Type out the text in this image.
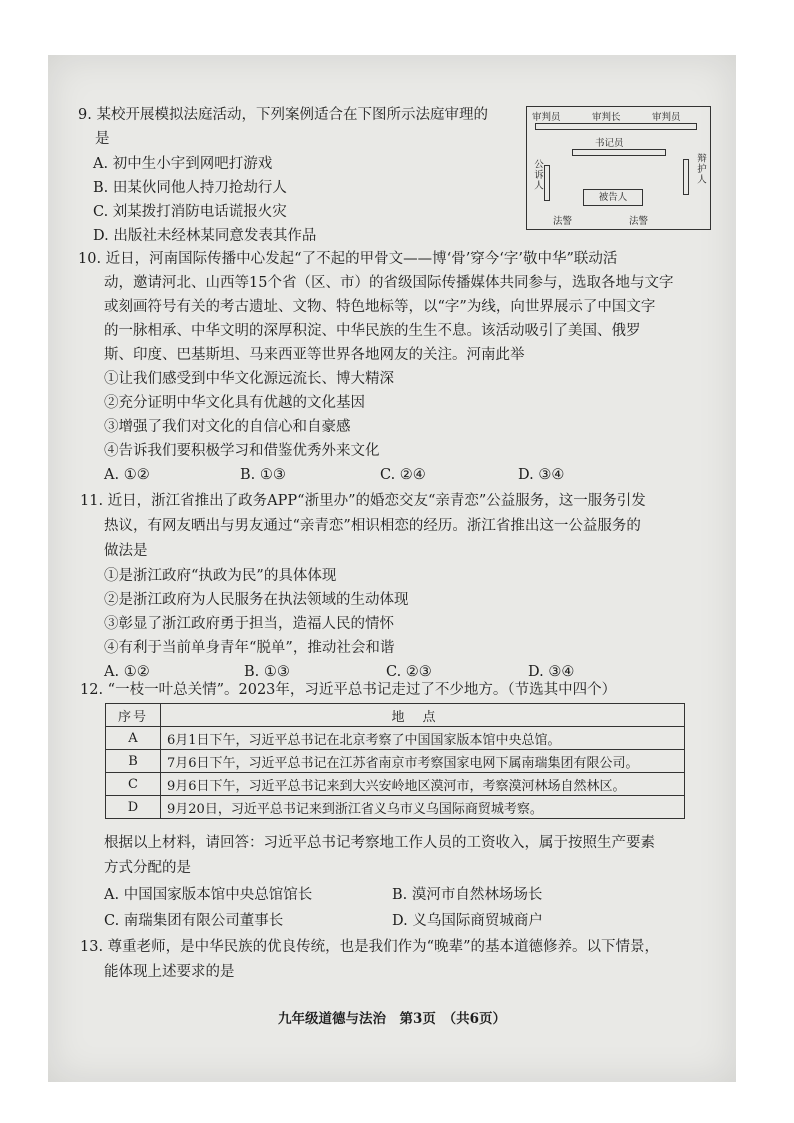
9. 某校开展模拟法庭活动，下列案例适合在下图所示法庭审理的
是
A. 初中生小宇到网吧打游戏
B. 田某伙同他人持刀抢劫行人
C. 刘某拨打消防电话谎报火灾
D. 出版社未经林某同意发表其作品
审判员	审判长	审判员
书记员
公诉人	辩护人
被告人
法警	法警
10. 近日，河南国际传播中心发起“了不起的甲骨文——博‘骨’穿今‘字’敬中华”联动活
动，邀请河北、山西等15个省（区、市）的省级国际传播媒体共同参与，选取各地与文字
或刻画符号有关的考古遗址、文物、特色地标等，以“字”为线，向世界展示了中国文字
的一脉相承、中华文明的深厚积淀、中华民族的生生不息。该活动吸引了美国、俄罗
斯、印度、巴基斯坦、马来西亚等世界各地网友的关注。河南此举
①让我们感受到中华文化源远流长、博大精深
②充分证明中华文化具有优越的文化基因
③增强了我们对文化的自信心和自豪感
④告诉我们要积极学习和借鉴优秀外来文化
A. ①②	B. ①③	C. ②④	D. ③④
11. 近日，浙江省推出了政务APP“浙里办”的婚恋交友“亲青恋”公益服务，这一服务引发
热议，有网友晒出与男友通过“亲青恋”相识相恋的经历。浙江省推出这一公益服务的
做法是
①是浙江政府“执政为民”的具体体现
②是浙江政府为人民服务在执法领域的生动体现
③彰显了浙江政府勇于担当，造福人民的情怀
④有利于当前单身青年“脱单”，推动社会和谐
A. ①②	B. ①③	C. ②③	D. ③④
12. “一枝一叶总关情”。2023年，习近平总书记走过了不少地方。（节选其中四个）
序号	地点
A	6月1日下午，习近平总书记在北京考察了中国国家版本馆中央总馆。
B	7月6日下午，习近平总书记在江苏省南京市考察国家电网下属南瑞集团有限公司。
C	9月6日下午，习近平总书记来到大兴安岭地区漠河市，考察漠河林场自然林区。
D	9月20日，习近平总书记来到浙江省义乌市义乌国际商贸城考察。
根据以上材料，请回答：习近平总书记考察地工作人员的工资收入，属于按照生产要素
方式分配的是
A. 中国国家版本馆中央总馆馆长	B. 漠河市自然林场场长
C. 南瑞集团有限公司董事长	D. 义乌国际商贸城商户
13. 尊重老师，是中华民族的优良传统，也是我们作为“晚辈”的基本道德修养。以下情景，
能体现上述要求的是
九年级道德与法治　第3页　（共6页）
